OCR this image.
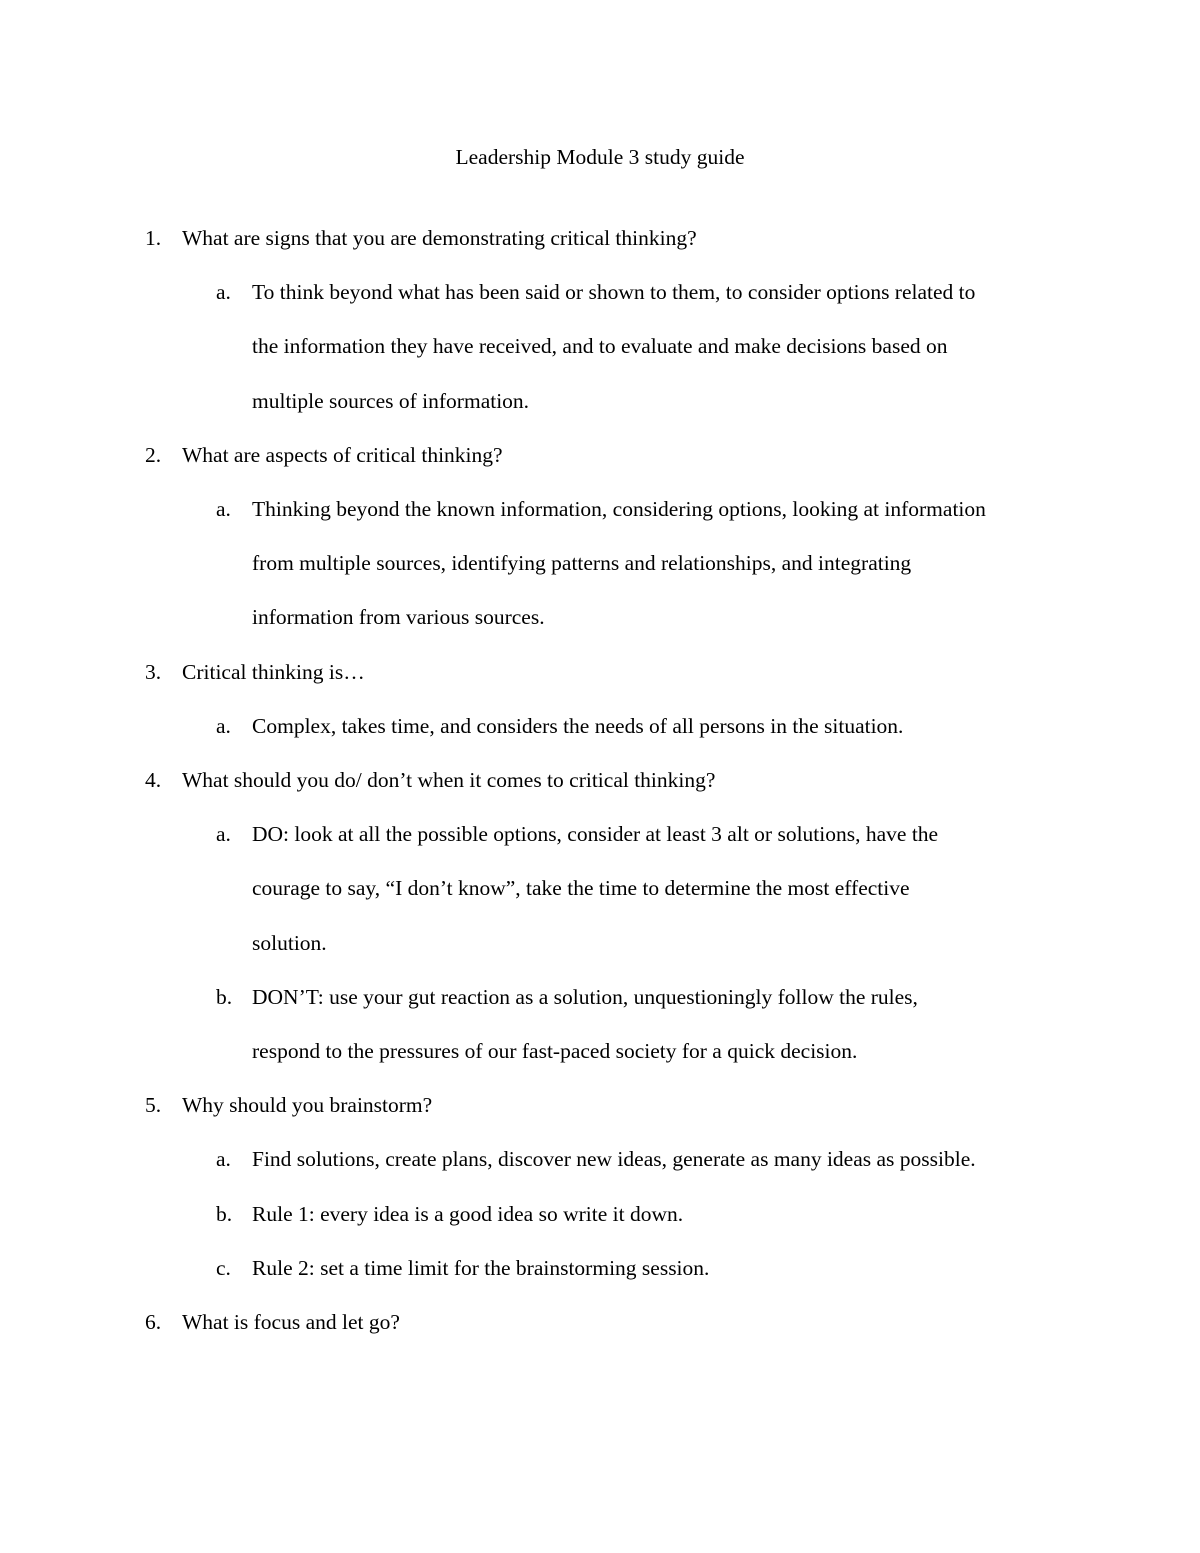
Leadership Module 3 study guide
1. What are signs that you are demonstrating critical thinking?
a. To think beyond what has been said or shown to them, to consider options related to
the information they have received, and to evaluate and make decisions based on
multiple sources of information.
2. What are aspects of critical thinking?
a. Thinking beyond the known information, considering options, looking at information
from multiple sources, identifying patterns and relationships, and integrating
information from various sources.
3. Critical thinking is…
a. Complex, takes time, and considers the needs of all persons in the situation.
4. What should you do/ don’t when it comes to critical thinking?
a. DO: look at all the possible options, consider at least 3 alt or solutions, have the
courage to say, “I don’t know”, take the time to determine the most effective
solution.
b. DON’T: use your gut reaction as a solution, unquestioningly follow the rules,
respond to the pressures of our fast-paced society for a quick decision.
5. Why should you brainstorm?
a. Find solutions, create plans, discover new ideas, generate as many ideas as possible.
b. Rule 1: every idea is a good idea so write it down.
c. Rule 2: set a time limit for the brainstorming session.
6. What is focus and let go?
